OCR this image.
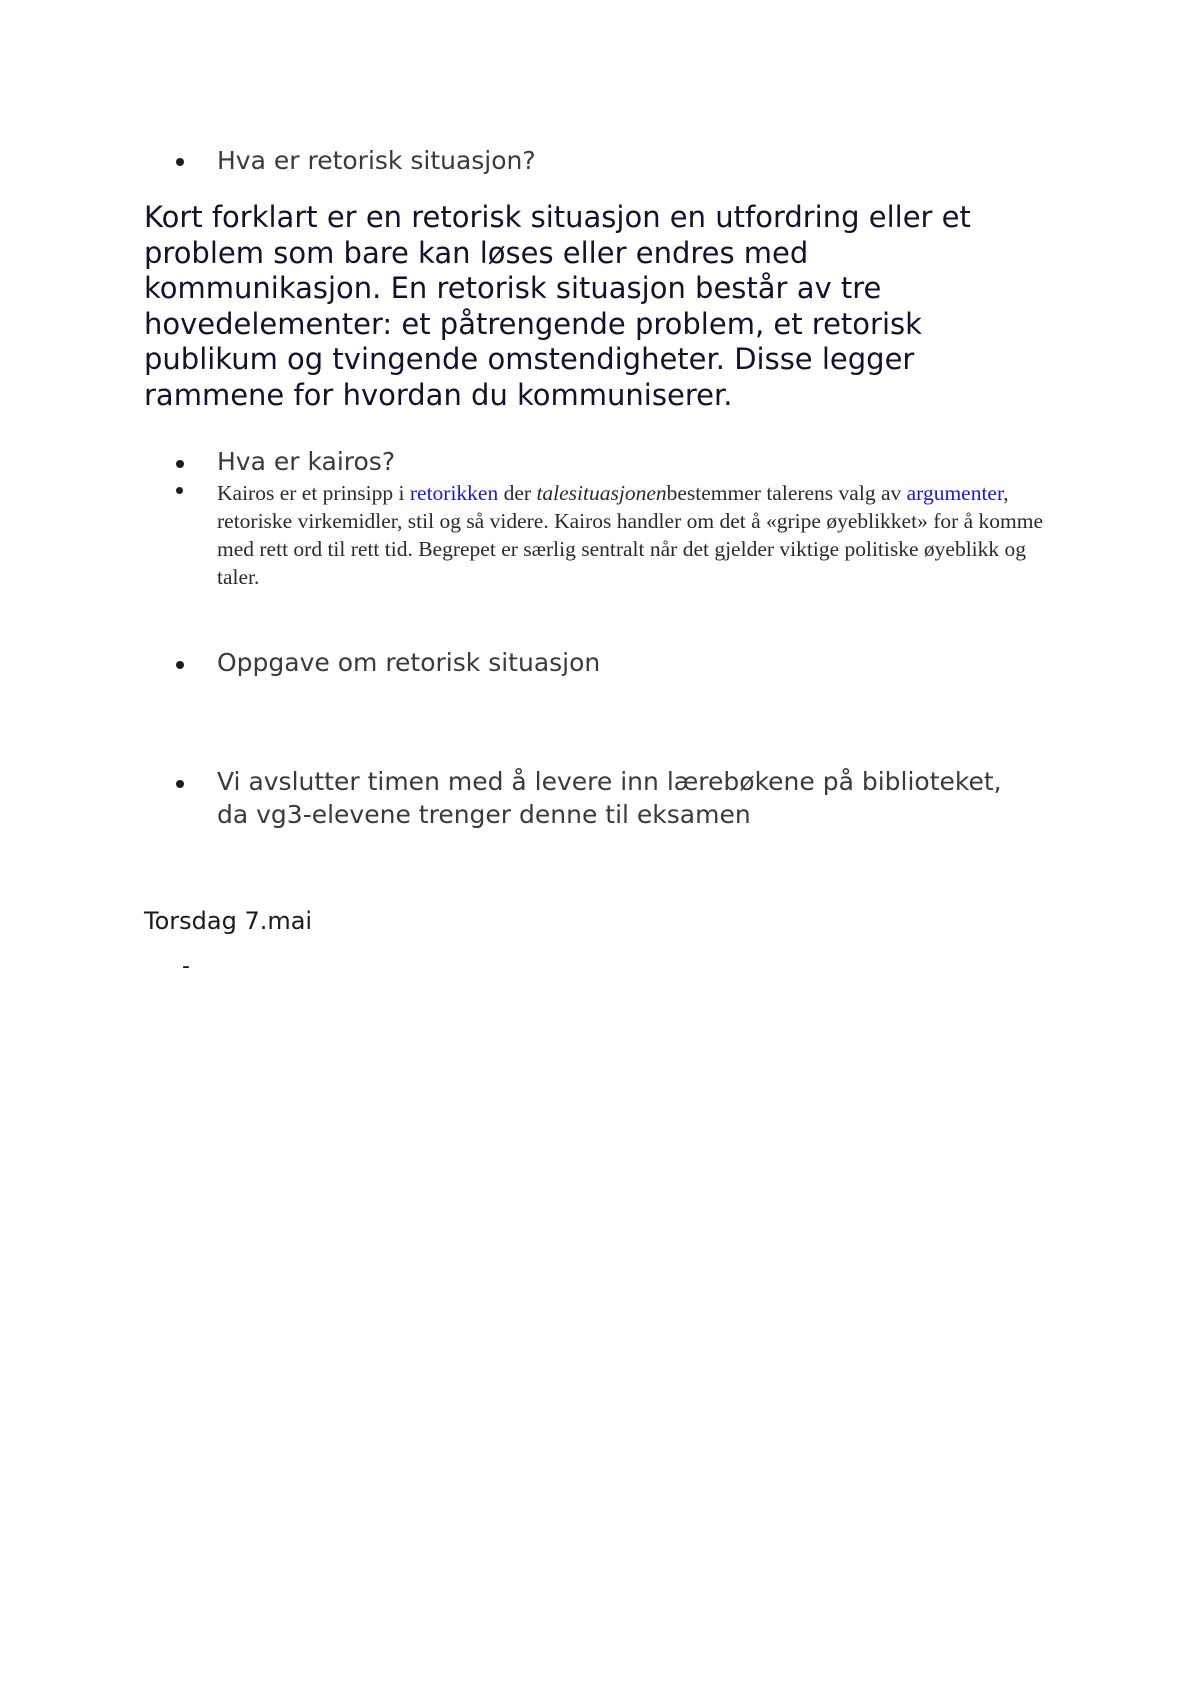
Hva er retorisk situasjon?

Kort forklart er en retorisk situasjon en utfordring eller et problem som bare kan løses eller endres med kommunikasjon. En retorisk situasjon består av tre hovedelementer: et påtrengende problem, et retorisk publikum og tvingende omstendigheter. Disse legger rammene for hvordan du kommuniserer.

Hva er kairos?
Kairos er et prinsipp i retorikken der talesituasjonenbestemmer talerens valg av argumenter, retoriske virkemidler, stil og så videre. Kairos handler om det å «gripe øyeblikket» for å komme med rett ord til rett tid. Begrepet er særlig sentralt når det gjelder viktige politiske øyeblikk og taler.
Oppgave om retorisk situasjon
Vi avslutter timen med å levere inn lærebøkene på biblioteket, da vg3-elevene trenger denne til eksamen
Torsdag 7.mai
-
